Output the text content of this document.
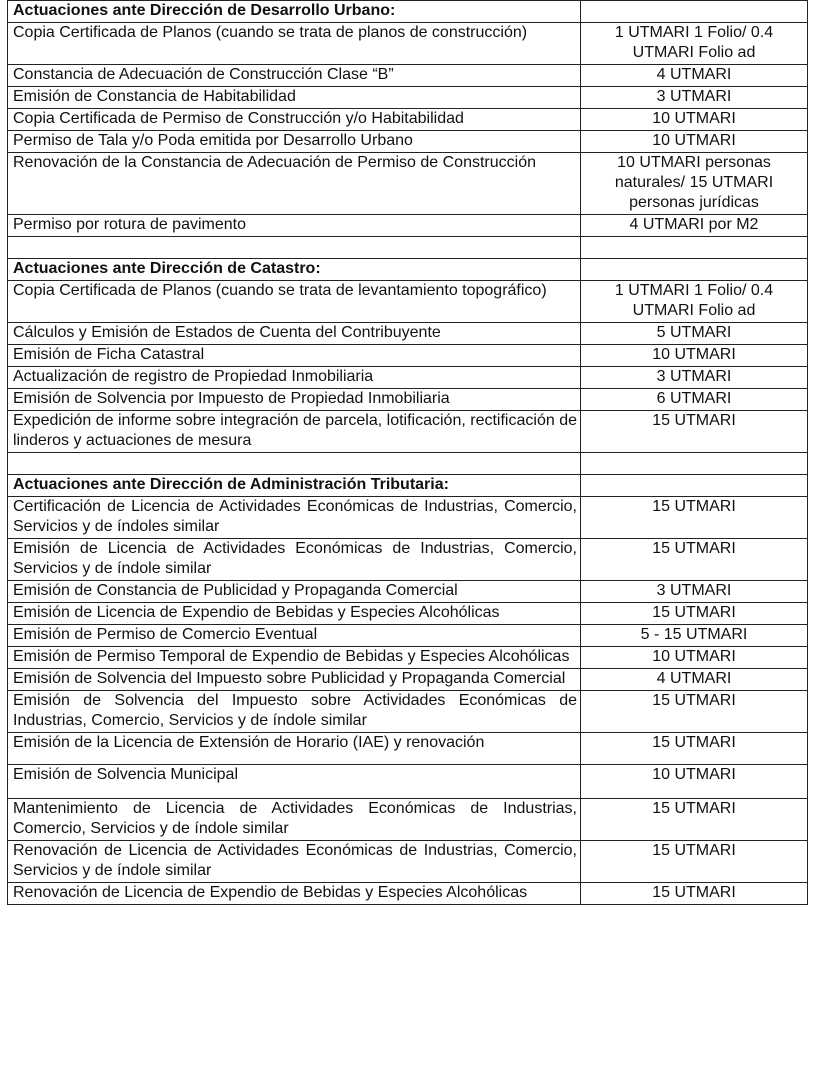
Actuaciones ante Dirección de Desarrollo Urbano:	
Copia Certificada de Planos (cuando se trata de planos de construcción)	1 UTMARI 1 Folio/ 0.4 UTMARI Folio ad
Constancia de Adecuación de Construcción Clase “B”	4 UTMARI
Emisión de Constancia de Habitabilidad	3 UTMARI
Copia Certificada de Permiso de Construcción y/o Habitabilidad	10 UTMARI
Permiso de Tala y/o Poda emitida por Desarrollo Urbano	10 UTMARI
Renovación de la Constancia de Adecuación de Permiso de Construcción	10 UTMARI personas naturales/ 15 UTMARI personas jurídicas
Permiso por rotura de pavimento	4 UTMARI por M2

Actuaciones ante Dirección de Catastro:	
Copia Certificada de Planos (cuando se trata de levantamiento topográfico)	1 UTMARI 1 Folio/ 0.4 UTMARI Folio ad
Cálculos y Emisión de Estados de Cuenta del Contribuyente	5 UTMARI
Emisión de Ficha Catastral	10 UTMARI
Actualización de registro de Propiedad Inmobiliaria	3 UTMARI
Emisión de Solvencia por Impuesto de Propiedad Inmobiliaria	6 UTMARI
Expedición de informe sobre integración de parcela, lotificación, rectificación de linderos y actuaciones de mesura	15 UTMARI

Actuaciones ante Dirección de Administración Tributaria:	
Certificación de Licencia de Actividades Económicas de Industrias, Comercio, Servicios y de índoles similar	15 UTMARI
Emisión de Licencia de Actividades Económicas de Industrias, Comercio, Servicios y de índole similar	15 UTMARI
Emisión de Constancia de Publicidad y Propaganda Comercial	3 UTMARI
Emisión de Licencia de Expendio de Bebidas y Especies Alcohólicas	15 UTMARI
Emisión de Permiso de Comercio Eventual	5 - 15 UTMARI
Emisión de Permiso Temporal de Expendio de Bebidas y Especies Alcohólicas	10 UTMARI
Emisión de Solvencia del Impuesto sobre Publicidad y Propaganda Comercial	4 UTMARI
Emisión de Solvencia del Impuesto sobre Actividades Económicas de Industrias, Comercio, Servicios y de índole similar	15 UTMARI
Emisión de la Licencia de Extensión de Horario (IAE) y renovación	15 UTMARI
Emisión de Solvencia Municipal	10 UTMARI
Mantenimiento de Licencia de Actividades Económicas de Industrias, Comercio, Servicios y de índole similar	15 UTMARI
Renovación de Licencia de Actividades Económicas de Industrias, Comercio, Servicios y de índole similar	15 UTMARI
Renovación de Licencia de Expendio de Bebidas y Especies Alcohólicas	15 UTMARI
